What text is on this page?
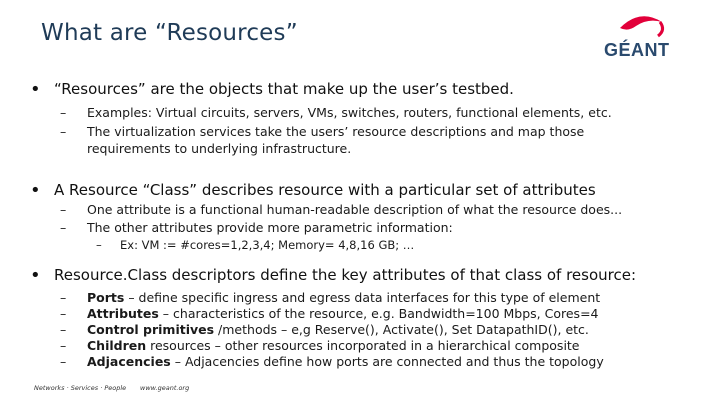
What are “Resources”
GÉANT
• “Resources” are the objects that make up the user’s testbed.
– Examples: Virtual circuits, servers, VMs, switches, routers, functional elements, etc.
– The virtualization services take the users’ resource descriptions and map those
requirements to underlying infrastructure.
• A Resource “Class” describes resource with a particular set of attributes
– One attribute is a functional human-readable description of what the resource does...
– The other attributes provide more parametric information:
– Ex: VM := #cores=1,2,3,4; Memory= 4,8,16 GB; …
• Resource.Class descriptors define the key attributes of that class of resource:
– Ports – define specific ingress and egress data interfaces for this type of element
– Attributes – characteristics of the resource, e.g. Bandwidth=100 Mbps, Cores=4
– Control primitives /methods – e,g Reserve(), Activate(), Set DatapathID(), etc.
– Children resources – other resources incorporated in a hierarchical composite
– Adjacencies – Adjacencies define how ports are connected and thus the topology
Networks · Services · People www.geant.org
